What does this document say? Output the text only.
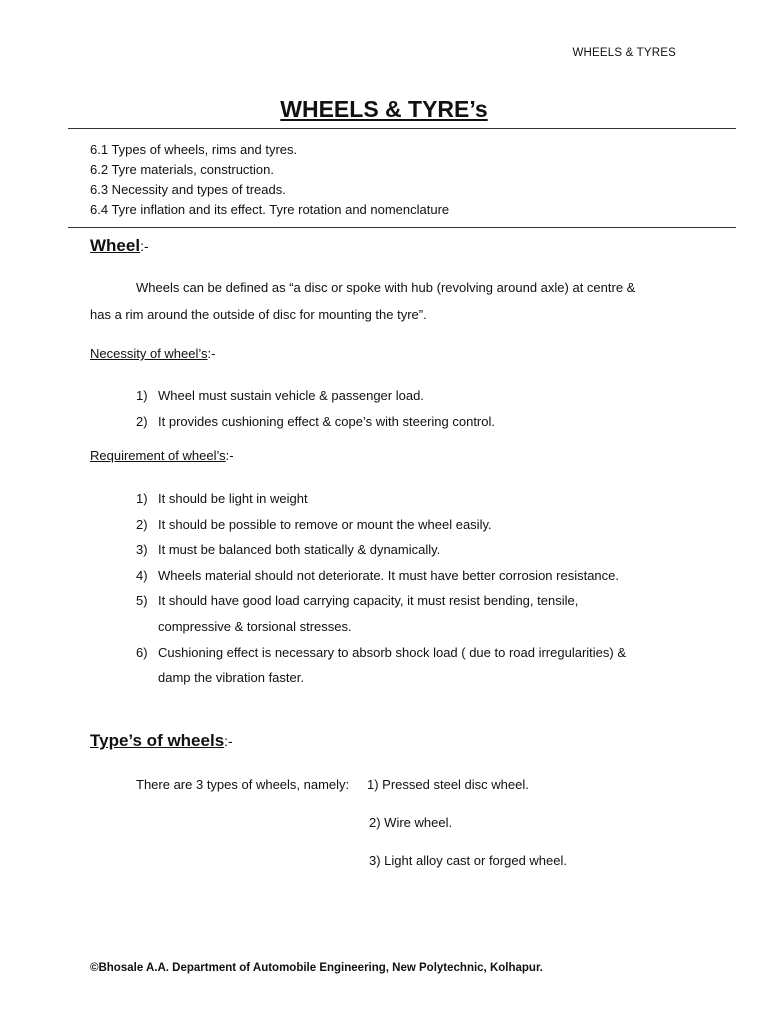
WHEELS & TYRES
WHEELS & TYRE’s
6.1 Types of wheels, rims and tyres.
6.2 Tyre materials, construction.
6.3 Necessity and types of treads.
6.4 Tyre inflation and its effect. Tyre rotation and nomenclature
Wheel:-
Wheels can be defined as “a disc or spoke with hub (revolving around axle) at centre &
has a rim around the outside of disc for mounting the tyre”.
Necessity of wheel’s:-
1) Wheel must sustain vehicle & passenger load.
2) It provides cushioning effect & cope’s with steering control.
Requirement of wheel’s:-
1) It should be light in weight
2) It should be possible to remove or mount the wheel easily.
3) It must be balanced both statically & dynamically.
4) Wheels material should not deteriorate. It must have better corrosion resistance.
5) It should have good load carrying capacity, it must resist bending, tensile,
compressive & torsional stresses.
6) Cushioning effect is necessary to absorb shock load ( due to road irregularities) &
damp the vibration faster.
Type’s of wheels:-
There are 3 types of wheels, namely: 1) Pressed steel disc wheel.
2) Wire wheel.
3) Light alloy cast or forged wheel.
©Bhosale A.A. Department of Automobile Engineering, New Polytechnic, Kolhapur.
